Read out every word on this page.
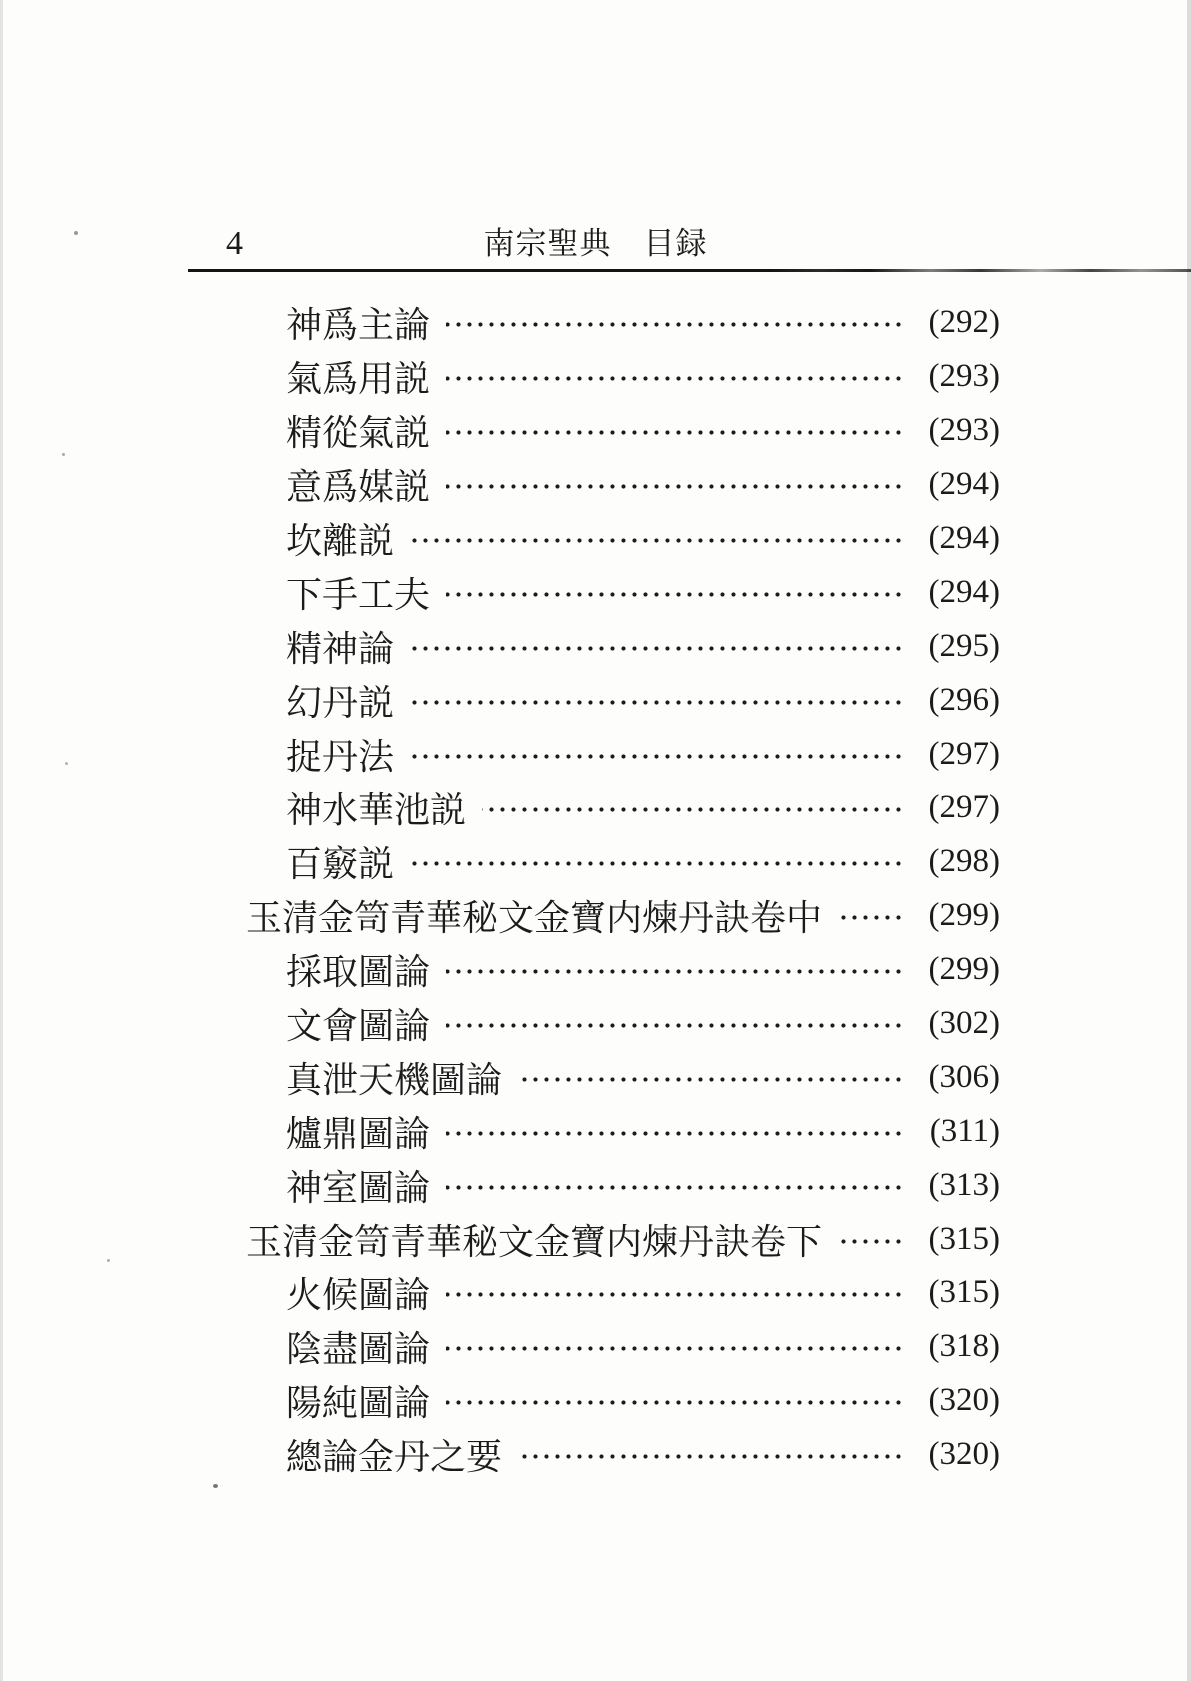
4	南宗聖典　目録
神爲主論	(292)
氣爲用説	(293)
精從氣説	(293)
意爲媒説	(294)
坎離説	(294)
下手工夫	(294)
精神論	(295)
幻丹説	(296)
捉丹法	(297)
神水華池説	(297)
百竅説	(298)
玉清金笥青華秘文金寶内煉丹訣卷中	(299)
採取圖論	(299)
文會圖論	(302)
真泄天機圖論	(306)
爐鼎圖論	(311)
神室圖論	(313)
玉清金笥青華秘文金寶内煉丹訣卷下	(315)
火候圖論	(315)
陰盡圖論	(318)
陽純圖論	(320)
總論金丹之要	(320)
